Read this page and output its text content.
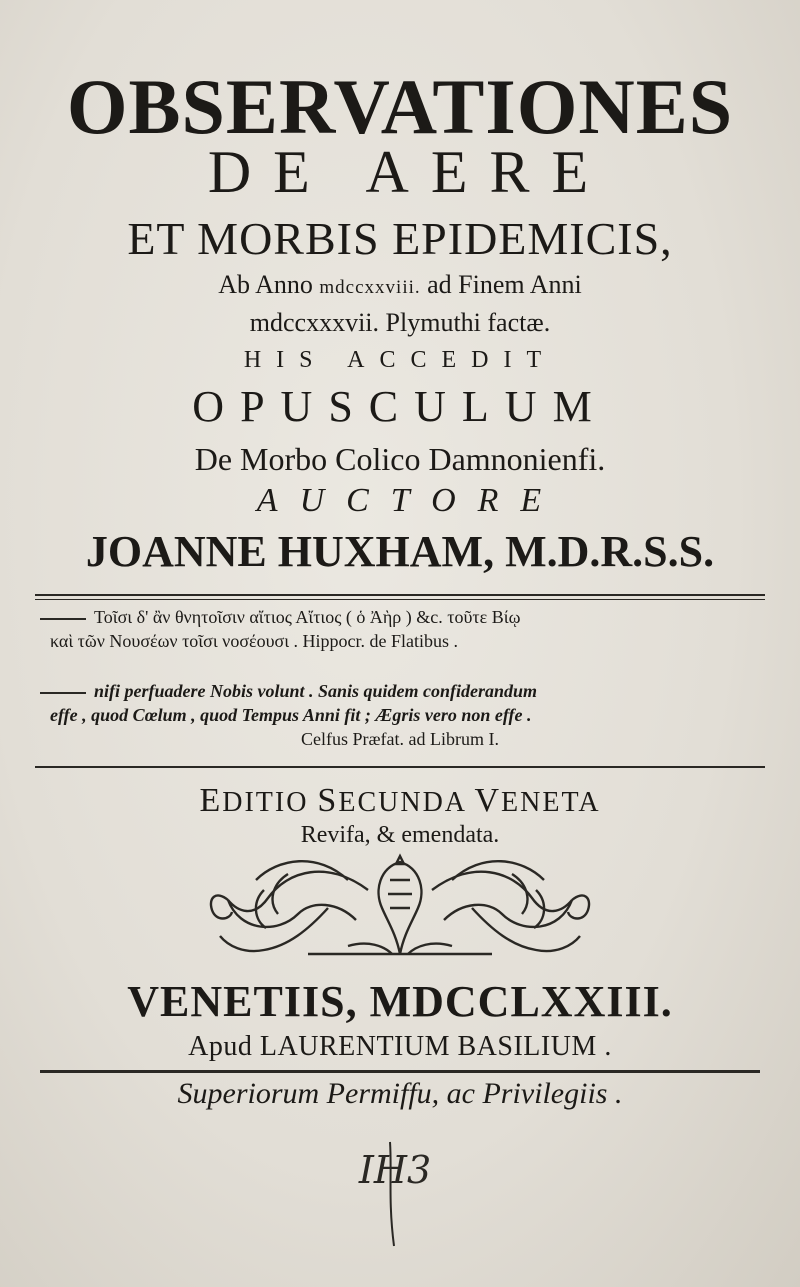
OBSERVATIONES
DE AERE
ET MORBIS EPIDEMICIS,
Ab Anno mdccxxviii. ad Finem Anni
mdccxxxvii. Plymuthi factæ.
HIS ACCEDIT
OPUSCULUM
De Morbo Colico Damnonienfi.
AUCTORE
JOANNE HUXHAM, M.D.R.S.S.
Τοῖσι δ' ἂν θνητοῖσιν αἴτιος Αἴτιος ( ὁ Ἀὴρ ) &c. τοῦτε Βίῳ
καὶ τῶν Νουσέων τοῖσι νοσέουσι . Hippocr. de Flatibus .
nifi perfuadere Nobis volunt . Sanis quidem confiderandum
effe , quod Cœlum , quod Tempus Anni fit ; Ægris vero non effe .
Celfus Præfat. ad Librum I.
EDITIO SECUNDA VENETA
Revifa, & emendata.
VENETIIS, MDCCLXXIII.
Apud LAURENTIUM BASILIUM .
Superiorum Permiffu, ac Privilegiis .
IH3
